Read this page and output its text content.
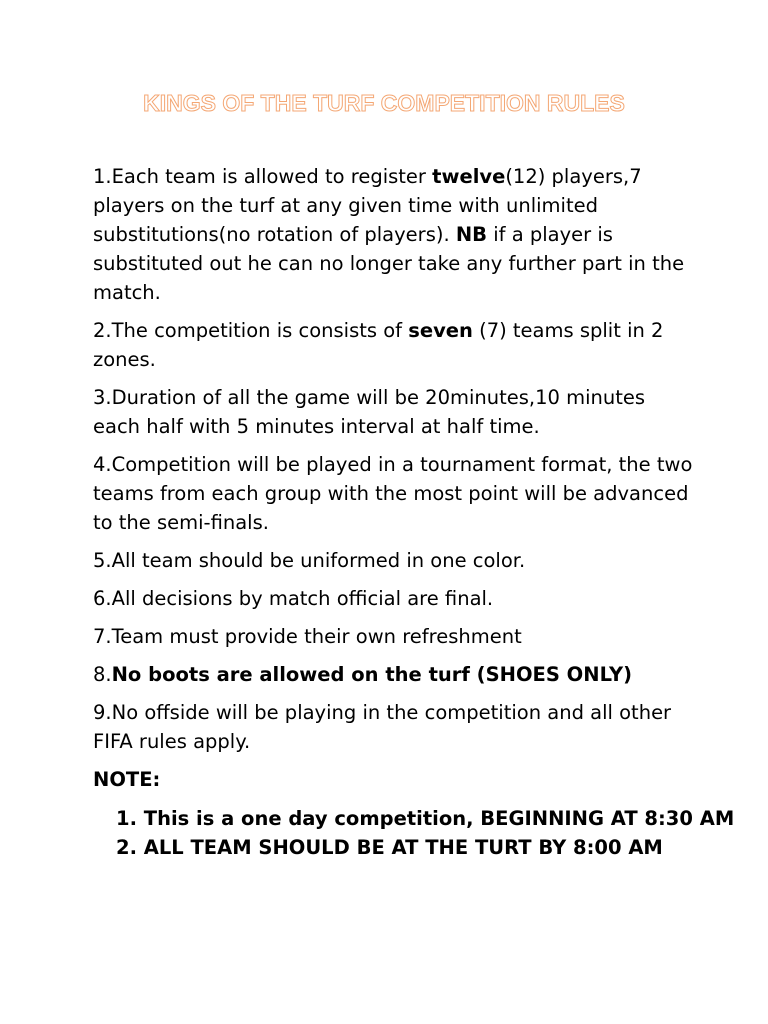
KINGS OF THE TURF COMPETITION RULES

1.Each team is allowed to register twelve(12) players,7 players on the turf at any given time with unlimited substitutions(no rotation of players). NB if a player is substituted out he can no longer take any further part in the match.

2.The competition is consists of seven (7) teams split in 2 zones.

3.Duration of all the game will be 20minutes,10 minutes each half with 5 minutes interval at half time.

4.Competition will be played in a tournament format, the two teams from each group with the most point will be advanced to the semi-finals.

5.All team should be uniformed in one color.

6.All decisions by match official are final.

7.Team must provide their own refreshment

8.No boots are allowed on the turf (SHOES ONLY)

9.No offside will be playing in the competition and all other FIFA rules apply.

NOTE:

1. This is a one day competition, BEGINNING AT 8:30 AM
2. ALL TEAM SHOULD BE AT THE TURT BY 8:00 AM
